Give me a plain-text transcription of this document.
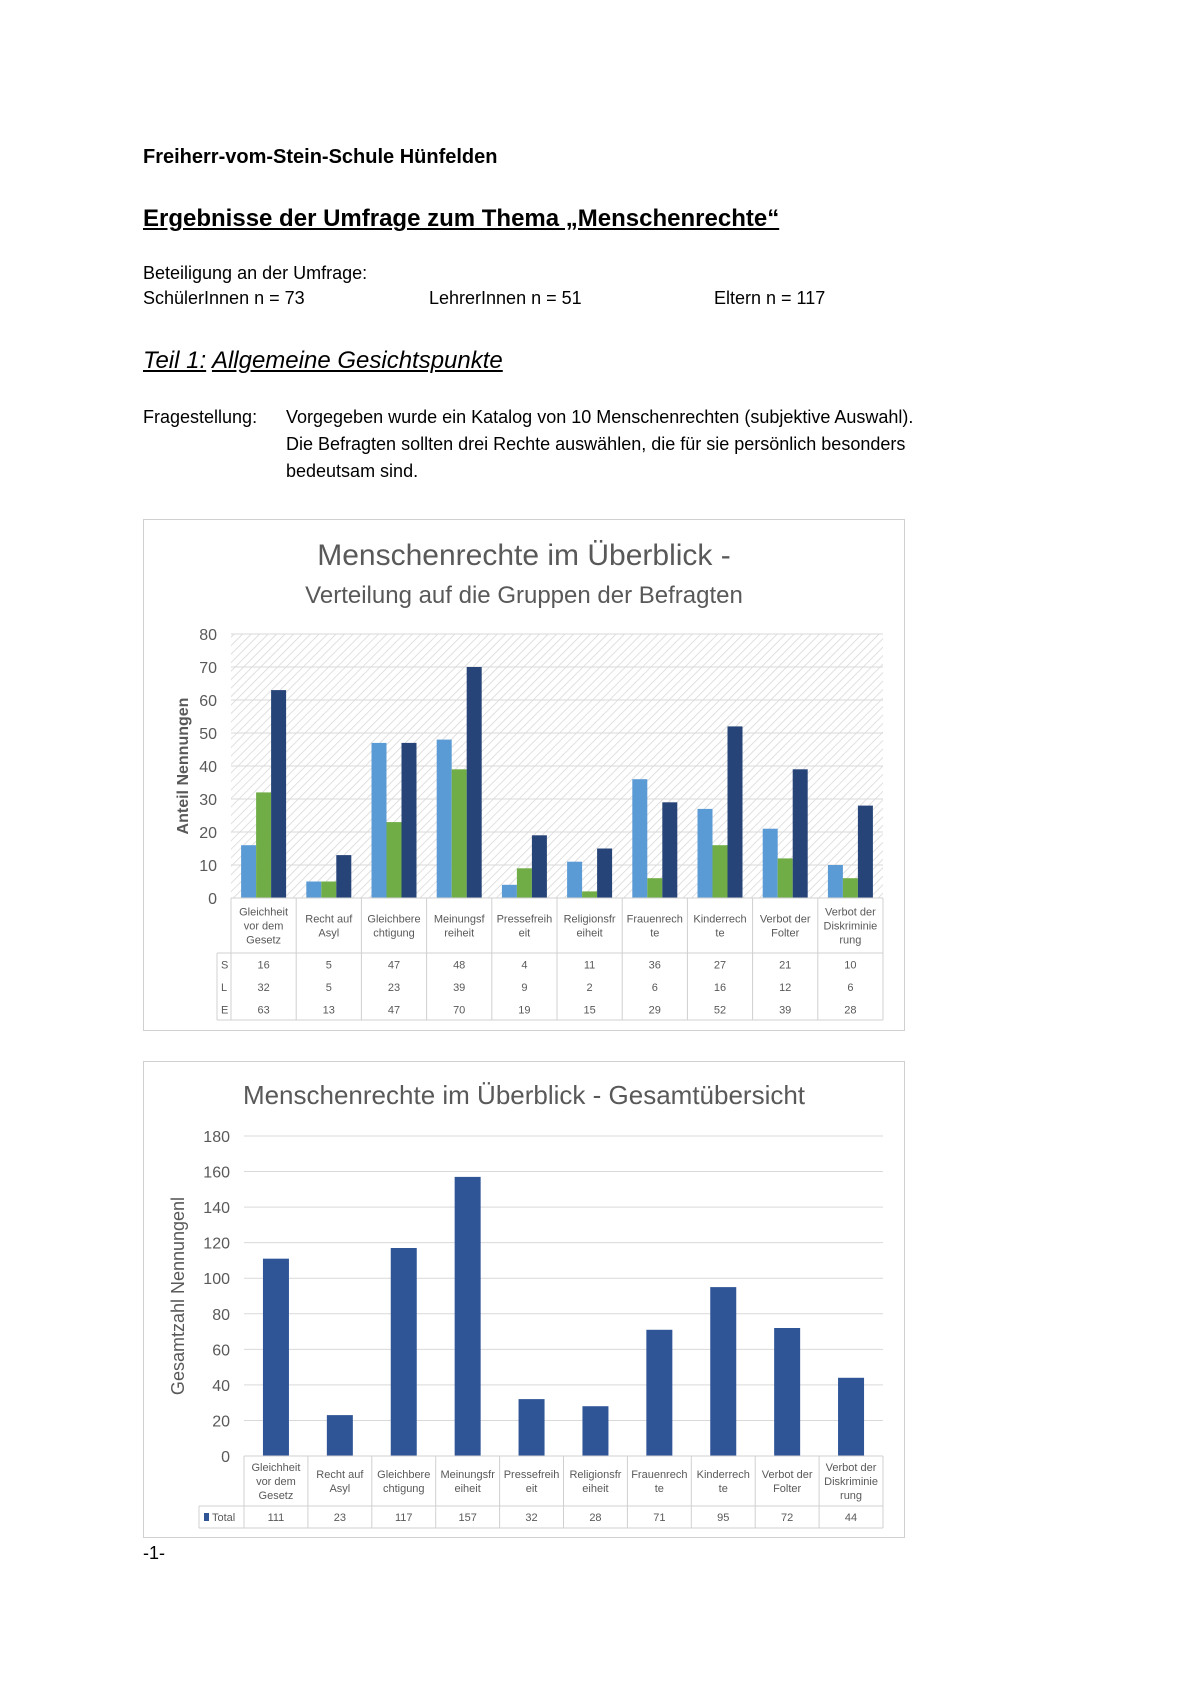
Freiherr-vom-Stein-Schule Hünfelden
Ergebnisse der Umfrage zum Thema „Menschenrechte“
Beteiligung an der Umfrage:
SchülerInnen n = 73	LehrerInnen n = 51	Eltern n = 117
Teil 1: Allgemeine Gesichtspunkte
Fragestellung: Vorgegeben wurde ein Katalog von 10 Menschenrechten (subjektive Auswahl).
Die Befragten sollten drei Rechte auswählen, die für sie persönlich besonders
bedeutsam sind.
Menschenrechte im Überblick -
Verteilung auf die Gruppen der Befragten
0
10
20
30
40
50
60
70
80
Anteil Nennungen
Gleichheit
vor dem
Gesetz
16
32
63
Recht auf
Asyl
5
5
13
Gleichbere
chtigung
47
23
47
Meinungsf
reiheit
48
39
70
Pressefreih
eit
4
9
19
Religionsfr
eiheit
11
2
15
Frauenrech
te
36
6
29
Kinderrech
te
27
16
52
Verbot der
Folter
21
12
39
Verbot der
Diskriminie
rung
10
6
28
S
L
E
Menschenrechte im Überblick - Gesamtübersicht
0
20
40
60
80
100
120
140
160
180
Gesamtzahl Nennungenl
Gleichheit
vor dem
Gesetz
111
Recht auf
Asyl
23
Gleichbere
chtigung
117
Meinungsfr
eiheit
157
Pressefreih
eit
32
Religionsfr
eiheit
28
Frauenrech
te
71
Kinderrech
te
95
Verbot der
Folter
72
Verbot der
Diskriminie
rung
44
Total
-1-
